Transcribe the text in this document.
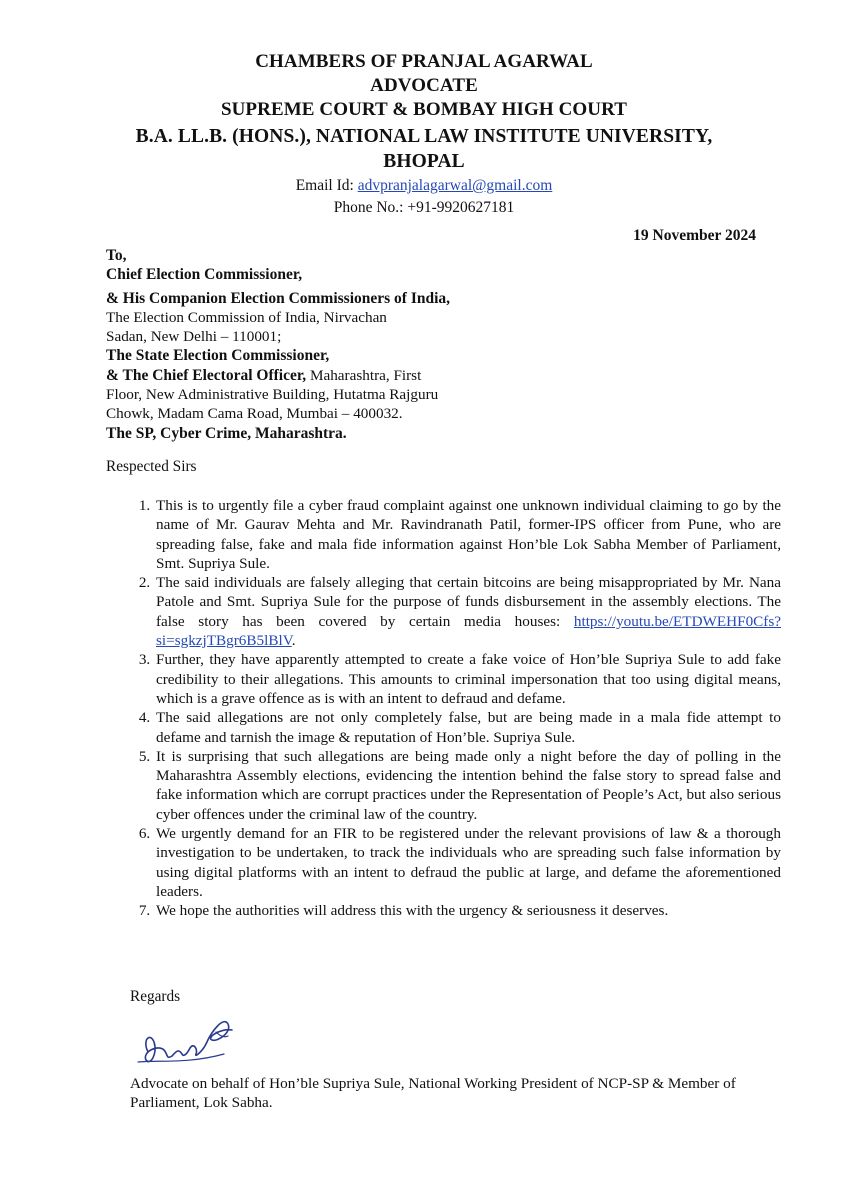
CHAMBERS OF PRANJAL AGARWAL
ADVOCATE
SUPREME COURT & BOMBAY HIGH COURT
B.A. LL.B. (HONS.), NATIONAL LAW INSTITUTE UNIVERSITY,
BHOPAL
Email Id: advpranjalagarwal@gmail.com
Phone No.: +91-9920627181
19 November 2024
To,
Chief Election Commissioner,
& His Companion Election Commissioners of India,
The Election Commission of India, Nirvachan
Sadan, New Delhi – 110001;
The State Election Commissioner,
& The Chief Electoral Officer, Maharashtra, First
Floor, New Administrative Building, Hutatma Rajguru
Chowk, Madam Cama Road, Mumbai – 400032.
The SP, Cyber Crime, Maharashtra.
Respected Sirs
1. This is to urgently file a cyber fraud complaint against one unknown individual claiming to go by the name of Mr. Gaurav Mehta and Mr. Ravindranath Patil, former-IPS officer from Pune, who are spreading false, fake and mala fide information against Hon’ble Lok Sabha Member of Parliament, Smt. Supriya Sule.
2. The said individuals are falsely alleging that certain bitcoins are being misappropriated by Mr. Nana Patole and Smt. Supriya Sule for the purpose of funds disbursement in the assembly elections. The false story has been covered by certain media houses: https://youtu.be/ETDWEHF0Cfs?si=sgkzjTBgr6B5lBlV.
3. Further, they have apparently attempted to create a fake voice of Hon’ble Supriya Sule to add fake credibility to their allegations. This amounts to criminal impersonation that too using digital means, which is a grave offence as is with an intent to defraud and defame.
4. The said allegations are not only completely false, but are being made in a mala fide attempt to defame and tarnish the image & reputation of Hon’ble. Supriya Sule.
5. It is surprising that such allegations are being made only a night before the day of polling in the Maharashtra Assembly elections, evidencing the intention behind the false story to spread false and fake information which are corrupt practices under the Representation of People’s Act, but also serious cyber offences under the criminal law of the country.
6. We urgently demand for an FIR to be registered under the relevant provisions of law & a thorough investigation to be undertaken, to track the individuals who are spreading such false information by using digital platforms with an intent to defraud the public at large, and defame the aforementioned leaders.
7. We hope the authorities will address this with the urgency & seriousness it deserves.
Regards
Advocate on behalf of Hon’ble Supriya Sule, National Working President of NCP-SP & Member of Parliament, Lok Sabha.
